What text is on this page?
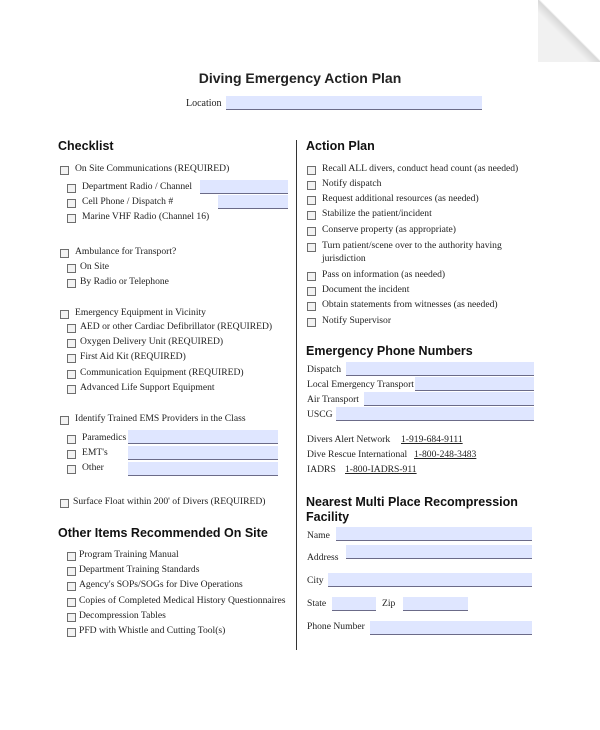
Diving Emergency Action Plan
Location
Checklist
On Site Communications (REQUIRED)
Department Radio / Channel
Cell Phone / Dispatch #
Marine VHF Radio (Channel 16)
Ambulance for Transport?
On Site
By Radio or Telephone
Emergency Equipment in Vicinity
AED or other Cardiac Defibrillator (REQUIRED)
Oxygen Delivery Unit (REQUIRED)
First Aid Kit (REQUIRED)
Communication Equipment (REQUIRED)
Advanced Life Support Equipment
Identify Trained EMS Providers in the Class
Paramedics
EMT's
Other
Surface Float within 200' of Divers (REQUIRED)
Other Items Recommended On Site
Program Training Manual
Department Training Standards
Agency's SOPs/SOGs for Dive Operations
Copies of Completed Medical History Questionnaires
Decompression Tables
PFD with Whistle and Cutting Tool(s)
Action Plan
Recall ALL divers, conduct head count (as needed)
Notify dispatch
Request additional resources (as needed)
Stabilize the patient/incident
Conserve property (as appropriate)
Turn patient/scene over to the authority having
jurisdiction
Pass on information (as needed)
Document the incident
Obtain statements from witnesses (as needed)
Notify Supervisor
Emergency Phone Numbers
Dispatch
Local Emergency Transport
Air Transport
USCG
Divers Alert Network 1-919-684-9111
Dive Rescue International 1-800-248-3483
IADRS 1-800-IADRS-911
Nearest Multi Place Recompression
Facility
Name
Address
City
State	Zip
Phone Number
